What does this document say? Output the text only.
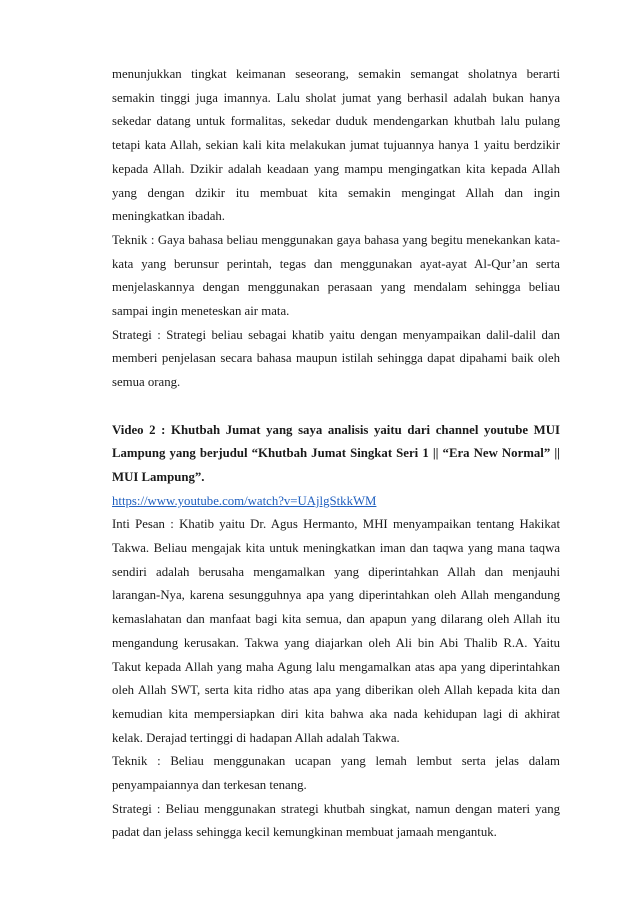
menunjukkan tingkat keimanan seseorang, semakin semangat sholatnya berarti semakin tinggi juga imannya. Lalu sholat jumat yang berhasil adalah bukan hanya sekedar datang untuk formalitas, sekedar duduk mendengarkan khutbah lalu pulang tetapi kata Allah, sekian kali kita melakukan jumat tujuannya hanya 1 yaitu berdzikir kepada Allah. Dzikir adalah keadaan yang mampu mengingatkan kita kepada Allah yang dengan dzikir itu membuat kita semakin mengingat Allah dan ingin meningkatkan ibadah.

Teknik : Gaya bahasa beliau menggunakan gaya bahasa yang begitu menekankan kata-kata yang berunsur perintah, tegas dan menggunakan ayat-ayat Al-Qur’an serta menjelaskannya dengan menggunakan perasaan yang mendalam sehingga beliau sampai ingin meneteskan air mata.

Strategi : Strategi beliau sebagai khatib yaitu dengan menyampaikan dalil-dalil dan memberi penjelasan secara bahasa maupun istilah sehingga dapat dipahami baik oleh semua orang.

Video 2 : Khutbah Jumat yang saya analisis yaitu dari channel youtube MUI Lampung yang berjudul “Khutbah Jumat Singkat Seri 1 || “Era New Normal” || MUI Lampung”.

https://www.youtube.com/watch?v=UAjlgStkkWM

Inti Pesan : Khatib yaitu Dr. Agus Hermanto, MHI menyampaikan tentang Hakikat Takwa. Beliau mengajak kita untuk meningkatkan iman dan taqwa yang mana taqwa sendiri adalah berusaha mengamalkan yang diperintahkan Allah dan menjauhi larangan-Nya, karena sesungguhnya apa yang diperintahkan oleh Allah mengandung kemaslahatan dan manfaat bagi kita semua, dan apapun yang dilarang oleh Allah itu mengandung kerusakan. Takwa yang diajarkan oleh Ali bin Abi Thalib R.A. Yaitu Takut kepada Allah yang maha Agung lalu mengamalkan atas apa yang diperintahkan oleh Allah SWT, serta kita ridho atas apa yang diberikan oleh Allah kepada kita dan kemudian kita mempersiapkan diri kita bahwa aka nada kehidupan lagi di akhirat kelak. Derajad tertinggi di hadapan Allah adalah Takwa.

Teknik : Beliau menggunakan ucapan yang lemah lembut serta jelas dalam penyampaiannya dan terkesan tenang.

Strategi : Beliau menggunakan strategi khutbah singkat, namun dengan materi yang padat dan jelass sehingga kecil kemungkinan membuat jamaah mengantuk.
